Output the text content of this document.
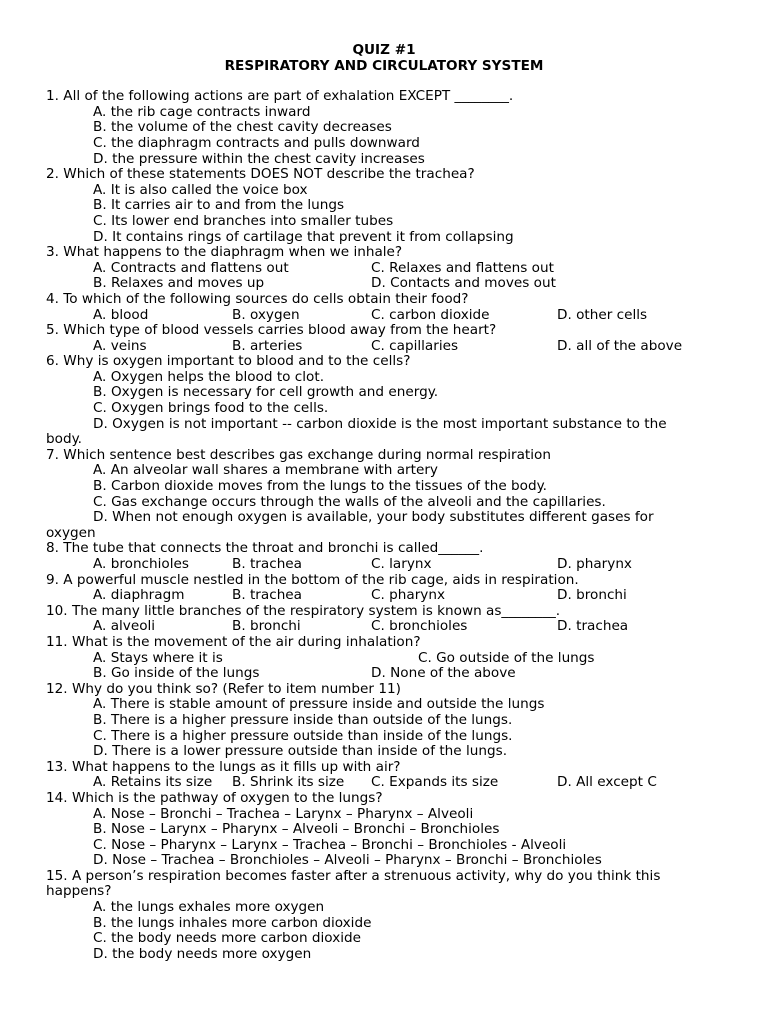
QUIZ #1
RESPIRATORY AND CIRCULATORY SYSTEM
1. All of the following actions are part of exhalation EXCEPT ________.
A. the rib cage contracts inward
B. the volume of the chest cavity decreases
C. the diaphragm contracts and pulls downward
D. the pressure within the chest cavity increases
2. Which of these statements DOES NOT describe the trachea?
A. It is also called the voice box
B. It carries air to and from the lungs
C. Its lower end branches into smaller tubes
D. It contains rings of cartilage that prevent it from collapsing
3. What happens to the diaphragm when we inhale?
A. Contracts and flattens out	C. Relaxes and flattens out
B. Relaxes and moves up	D. Contacts and moves out
4. To which of the following sources do cells obtain their food?
A. blood	B. oxygen	C. carbon dioxide	D. other cells
5. Which type of blood vessels carries blood away from the heart?
A. veins	B. arteries	C. capillaries	D. all of the above
6. Why is oxygen important to blood and to the cells?
A. Oxygen helps the blood to clot.
B. Oxygen is necessary for cell growth and energy.
C. Oxygen brings food to the cells.
D. Oxygen is not important -- carbon dioxide is the most important substance to the
body.
7. Which sentence best describes gas exchange during normal respiration
A. An alveolar wall shares a membrane with artery
B. Carbon dioxide moves from the lungs to the tissues of the body.
C. Gas exchange occurs through the walls of the alveoli and the capillaries.
D. When not enough oxygen is available, your body substitutes different gases for
oxygen
8. The tube that connects the throat and bronchi is called______.
A. bronchioles	B. trachea	C. larynx	D. pharynx
9. A powerful muscle nestled in the bottom of the rib cage, aids in respiration.
A. diaphragm	B. trachea	C. pharynx	D. bronchi
10. The many little branches of the respiratory system is known as________.
A. alveoli	B. bronchi	C. bronchioles	D. trachea
11. What is the movement of the air during inhalation?
A. Stays where it is	C. Go outside of the lungs
B. Go inside of the lungs	D. None of the above
12. Why do you think so? (Refer to item number 11)
A. There is stable amount of pressure inside and outside the lungs
B. There is a higher pressure inside than outside of the lungs.
C. There is a higher pressure outside than inside of the lungs.
D. There is a lower pressure outside than inside of the lungs.
13. What happens to the lungs as it fills up with air?
A. Retains its size	B. Shrink its size	C. Expands its size	D. All except C
14. Which is the pathway of oxygen to the lungs?
A. Nose – Bronchi – Trachea – Larynx – Pharynx – Alveoli
B. Nose – Larynx – Pharynx – Alveoli – Bronchi – Bronchioles
C. Nose – Pharynx – Larynx – Trachea – Bronchi – Bronchioles - Alveoli
D. Nose – Trachea – Bronchioles – Alveoli – Pharynx – Bronchi – Bronchioles
15. A person’s respiration becomes faster after a strenuous activity, why do you think this
happens?
A. the lungs exhales more oxygen
B. the lungs inhales more carbon dioxide
C. the body needs more carbon dioxide
D. the body needs more oxygen
